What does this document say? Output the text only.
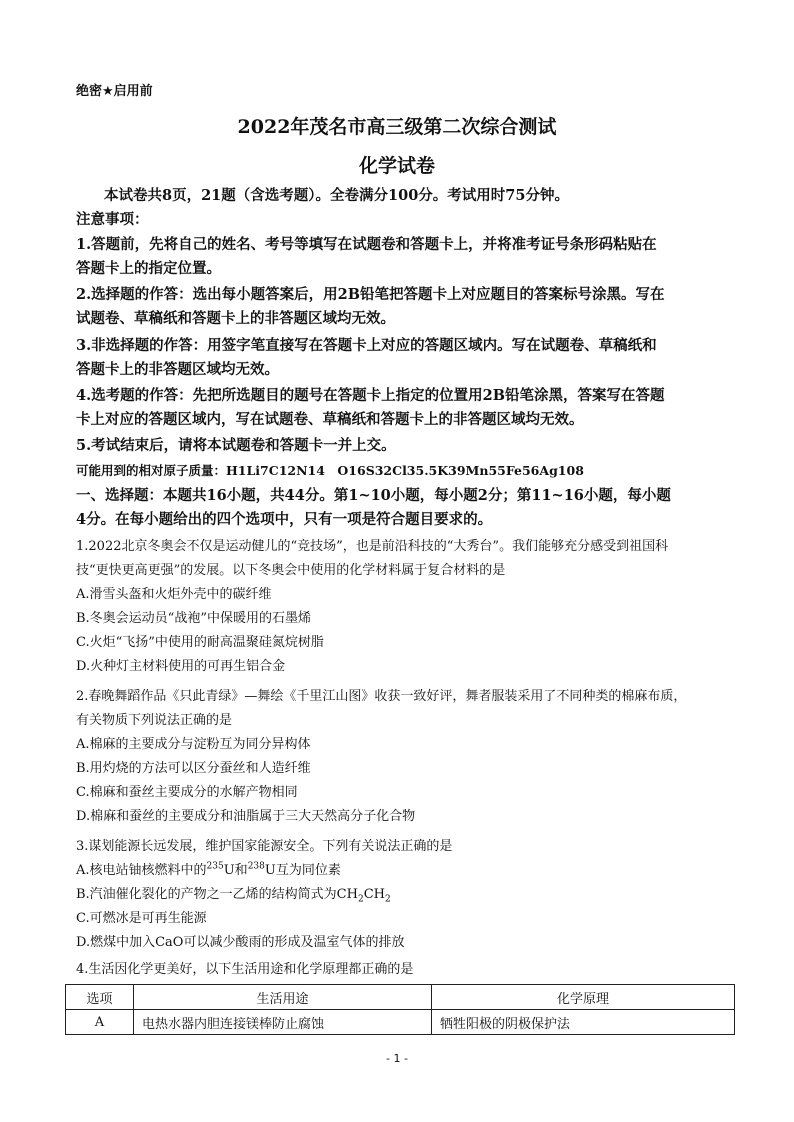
绝密★启用前
2022年茂名市高三级第二次综合测试
化学试卷
本试卷共8页，21题（含选考题）。全卷满分100分。考试用时75分钟。
注意事项：
1.答题前，先将自己的姓名、考号等填写在试题卷和答题卡上，并将准考证号条形码粘贴在
答题卡上的指定位置。
2.选择题的作答：选出每小题答案后，用2B铅笔把答题卡上对应题目的答案标号涂黑。写在
试题卷、草稿纸和答题卡上的非答题区域均无效。
3.非选择题的作答：用签字笔直接写在答题卡上对应的答题区域内。写在试题卷、草稿纸和
答题卡上的非答题区域均无效。
4.选考题的作答：先把所选题目的题号在答题卡上指定的位置用2B铅笔涂黑，答案写在答题
卡上对应的答题区域内，写在试题卷、草稿纸和答题卡上的非答题区域均无效。
5.考试结束后，请将本试题卷和答题卡一并上交。
可能用到的相对原子质量：H1Li7C12N14　O16S32Cl35.5K39Mn55Fe56Ag108
一、选择题：本题共16小题，共44分。第1~10小题，每小题2分；第11~16小题，每小题
4分。在每小题给出的四个选项中，只有一项是符合题目要求的。
1.2022北京冬奥会不仅是运动健儿的“竞技场”，也是前沿科技的“大秀台”。我们能够充分感受到祖国科
技“更快更高更强”的发展。以下冬奥会中使用的化学材料属于复合材料的是
A.滑雪头盔和火炬外壳中的碳纤维
B.冬奥会运动员“战袍”中保暖用的石墨烯
C.火炬“飞扬”中使用的耐高温聚硅氮烷树脂
D.火种灯主材料使用的可再生铝合金
2.春晚舞蹈作品《只此青绿》—舞绘《千里江山图》收获一致好评，舞者服装采用了不同种类的棉麻布质，
有关物质下列说法正确的是
A.棉麻的主要成分与淀粉互为同分异构体
B.用灼烧的方法可以区分蚕丝和人造纤维
C.棉麻和蚕丝主要成分的水解产物相同
D.棉麻和蚕丝的主要成分和油脂属于三大天然高分子化合物
3.谋划能源长远发展，维护国家能源安全。下列有关说法正确的是
A.核电站铀核燃料中的$^{235}$U和$^{238}$U互为同位素
B.汽油催化裂化的产物之一乙烯的结构简式为$CH_2CH_2$
C.可燃冰是可再生能源
D.燃煤中加入CaO可以减少酸雨的形成及温室气体的排放
4.生活因化学更美好，以下生活用途和化学原理都正确的是
选项	生活用途	化学原理
A	电热水器内胆连接镁棒防止腐蚀	牺牲阳极的阴极保护法
- 1 -
